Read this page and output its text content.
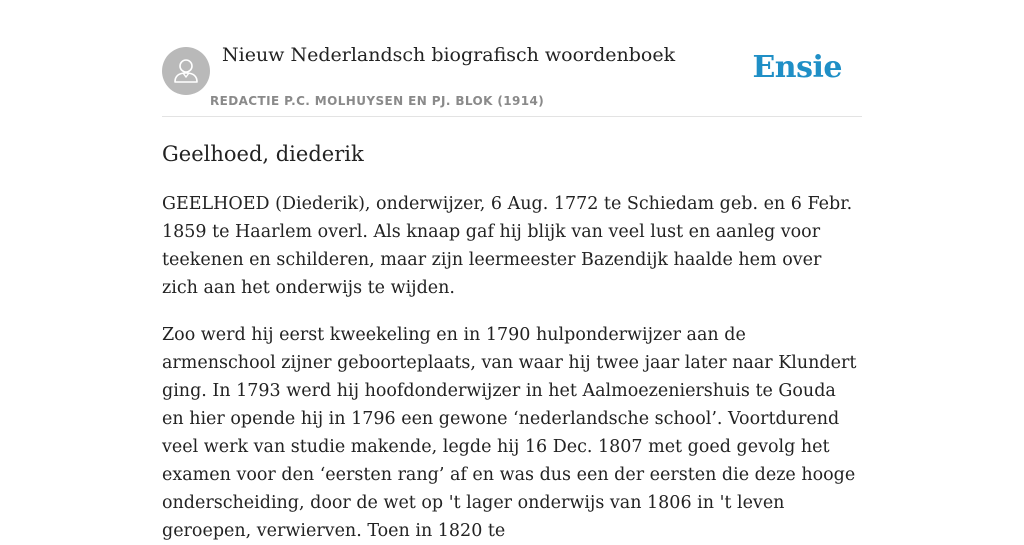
Nieuw Nederlandsch biografisch woordenboek
REDACTIE P.C. MOLHUYSEN EN PJ. BLOK (1914)
Ensie
Geelhoed, diederik

GEELHOED (Diederik), onderwijzer, 6 Aug. 1772 te Schiedam geb. en 6 Febr. 1859 te Haarlem overl. Als knaap gaf hij blijk van veel lust en aanleg voor teekenen en schilderen, maar zijn leermeester Bazendijk haalde hem over zich aan het onderwijs te wijden.

Zoo werd hij eerst kweekeling en in 1790 hulponderwijzer aan de armenschool zijner geboorteplaats, van waar hij twee jaar later naar Klundert ging. In 1793 werd hij hoofdonderwijzer in het Aalmoezeniershuis te Gouda en hier opende hij in 1796 een gewone ‘nederlandsche school’. Voortdurend veel werk van studie makende, legde hij 16 Dec. 1807 met goed gevolg het examen voor den ‘eersten rang’ af en was dus een der eersten die deze hooge onderscheiding, door de wet op 't lager onderwijs van 1806 in 't leven geroepen, verwierven. Toen in 1820 te
